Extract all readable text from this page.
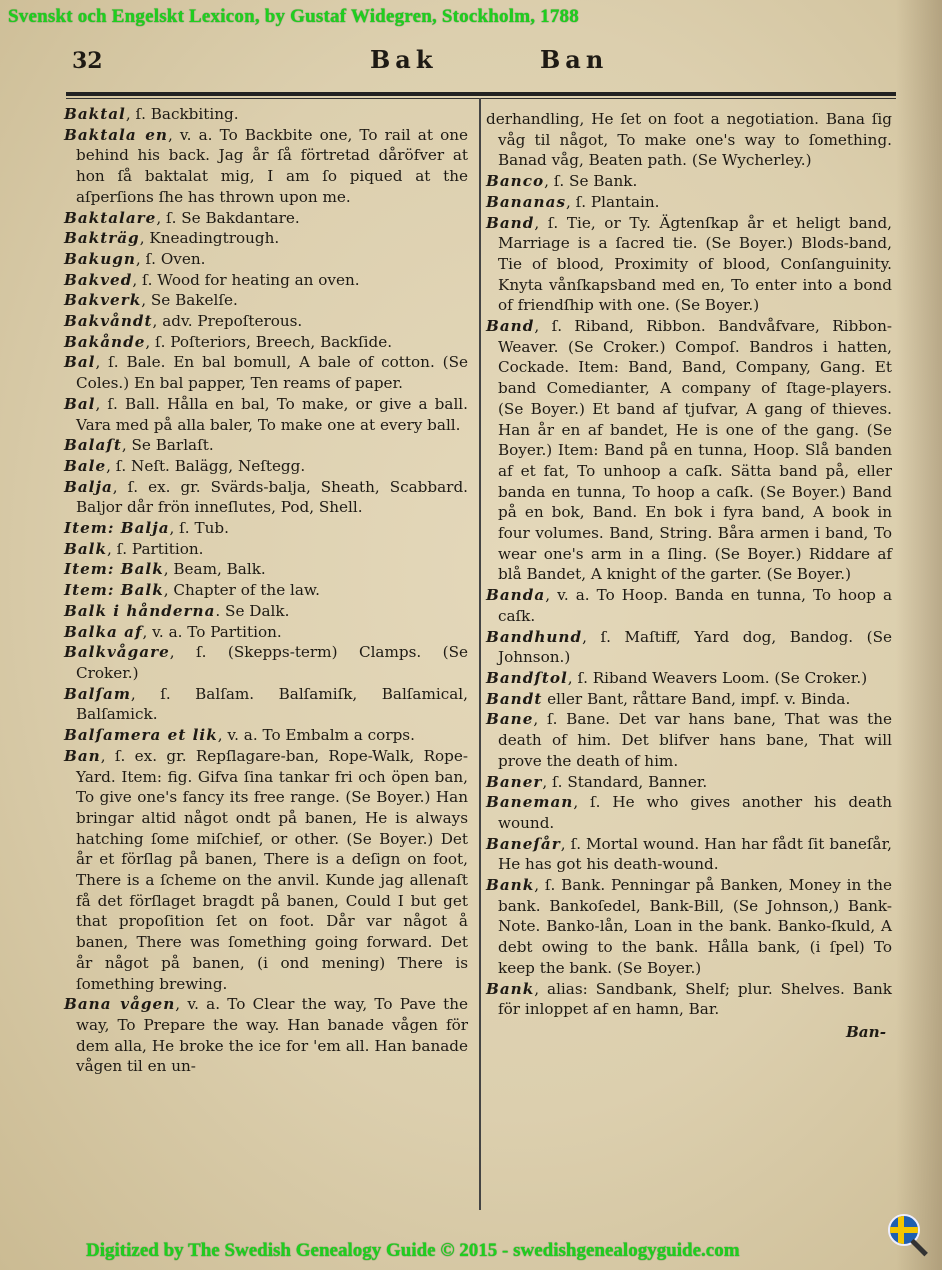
Svenskt och Engelskt Lexicon, by Gustaf Widegren, Stockholm, 1788
32	Bak	Ban

Baktal, ſ. Backbiting.

Baktala en, v. a. To Backbite one, To rail at one behind his back. Jag år ſå förtretad dåröfver at hon ſå baktalat mig, I am ſo piqued at the aſperſions ſhe has thrown upon me.

Baktalare, ſ. Se Bakdantare.

Bakträg, Kneadingtrough.

Bakugn, ſ. Oven.

Bakved, ſ. Wood for heating an oven.

Bakverk, Se Bakelſe.

Bakvåndt, adv. Prepoſterous.

Bakånde, ſ. Poſteriors, Breech, Backſide.

Bal, ſ. Bale. En bal bomull, A bale of cotton. (Se Coles.) En bal papper, Ten reams of paper.

Bal, ſ. Ball. Hålla en bal, To make, or give a ball. Vara med på alla baler, To make one at every ball.

Balaſt, Se Barlaſt.

Bale, ſ. Neſt. Balägg, Neſtegg.

Balja, ſ. ex. gr. Svärds-balja, Sheath, Scabbard. Baljor dår frön inneſlutes, Pod, Shell.

Item: Balja, ſ. Tub.

Balk, ſ. Partition.

Item: Balk, Beam, Balk.

Item: Balk, Chapter of the law.

Balk i hånderna. Se Dalk.

Balka af, v. a. To Partition.

Balkvågare, ſ. (Skepps-term) Clamps. (Se Croker.)

Balſam, ſ. Balſam. Balſamiſk, Balſamical, Balſamick.

Balſamera et lik, v. a. To Embalm a corps.

Ban, ſ. ex. gr. Repſlagare-ban, Rope-Walk, Rope-Yard. Item: fig. Gifva ſina tankar fri och öpen ban, To give one's fancy its free range. (Se Boyer.) Han bringar altid något ondt på banen, He is always hatching ſome miſchief, or other. (Se Boyer.) Det år et förſlag på banen, There is a deſign on foot, There is a ſcheme on the anvil. Kunde jag allenaſt få det förſlaget bragdt på banen, Could I but get that propoſition ſet on foot. Dår var något å banen, There was ſomething going forward. Det år något på banen, (i ond mening) There is ſomething brewing.

Bana vågen, v. a. To Clear the way, To Pave the way, To Prepare the way. Han banade vågen för dem alla, He broke the ice for 'em all. Han banade vågen til en un-

derhandling, He ſet on foot a negotiation. Bana ſig våg til något, To make one's way to ſomething. Banad våg, Beaten path. (Se Wycherley.)

Banco, ſ. Se Bank.

Bananas, ſ. Plantain.

Band, ſ. Tie, or Ty. Ägtenſkap år et heligt band, Marriage is a ſacred tie. (Se Boyer.) Blods-band, Tie of blood, Proximity of blood, Conſanguinity. Knyta vånſkapsband med en, To enter into a bond of friendſhip with one. (Se Boyer.)

Band, ſ. Riband, Ribbon. Bandvåfvare, Ribbon-Weaver. (Se Croker.) Compoſ. Bandros i hatten, Cockade. Item: Band, Band, Company, Gang. Et band Comedianter, A company of ſtage-players. (Se Boyer.) Et band af tjufvar, A gang of thieves. Han år en af bandet, He is one of the gang. (Se Boyer.) Item: Band på en tunna, Hoop. Slå banden af et fat, To unhoop a caſk. Sätta band på, eller banda en tunna, To hoop a caſk. (Se Boyer.) Band på en bok, Band. En bok i fyra band, A book in four volumes. Band, String. Båra armen i band, To wear one's arm in a ſling. (Se Boyer.) Riddare af blå Bandet, A knight of the garter. (Se Boyer.)

Banda, v. a. To Hoop. Banda en tunna, To hoop a caſk.

Bandhund, ſ. Maſtiff, Yard dog, Bandog. (Se Johnson.)

Bandſtol, ſ. Riband Weavers Loom. (Se Croker.)

Bandt eller Bant, råttare Band, impf. v. Binda.

Bane, ſ. Bane. Det var hans bane, That was the death of him. Det blifver hans bane, That will prove the death of him.

Baner, ſ. Standard, Banner.

Baneman, ſ. He who gives another his death wound.

Baneſår, ſ. Mortal wound. Han har fådt ſit baneſår, He has got his death-wound.

Bank, ſ. Bank. Penningar på Banken, Money in the bank. Bankoſedel, Bank-Bill, (Se Johnson,) Bank-Note. Banko-lån, Loan in the bank. Banko-ſkuld, A debt owing to the bank. Hålla bank, (i ſpel) To keep the bank. (Se Boyer.)

Bank, alias: Sandbank, Shelf; plur. Shelves. Bank för inloppet af en hamn, Bar.

Ban-
Digitized by The Swedish Genealogy Guide © 2015 - swedishgenealogyguide.com
